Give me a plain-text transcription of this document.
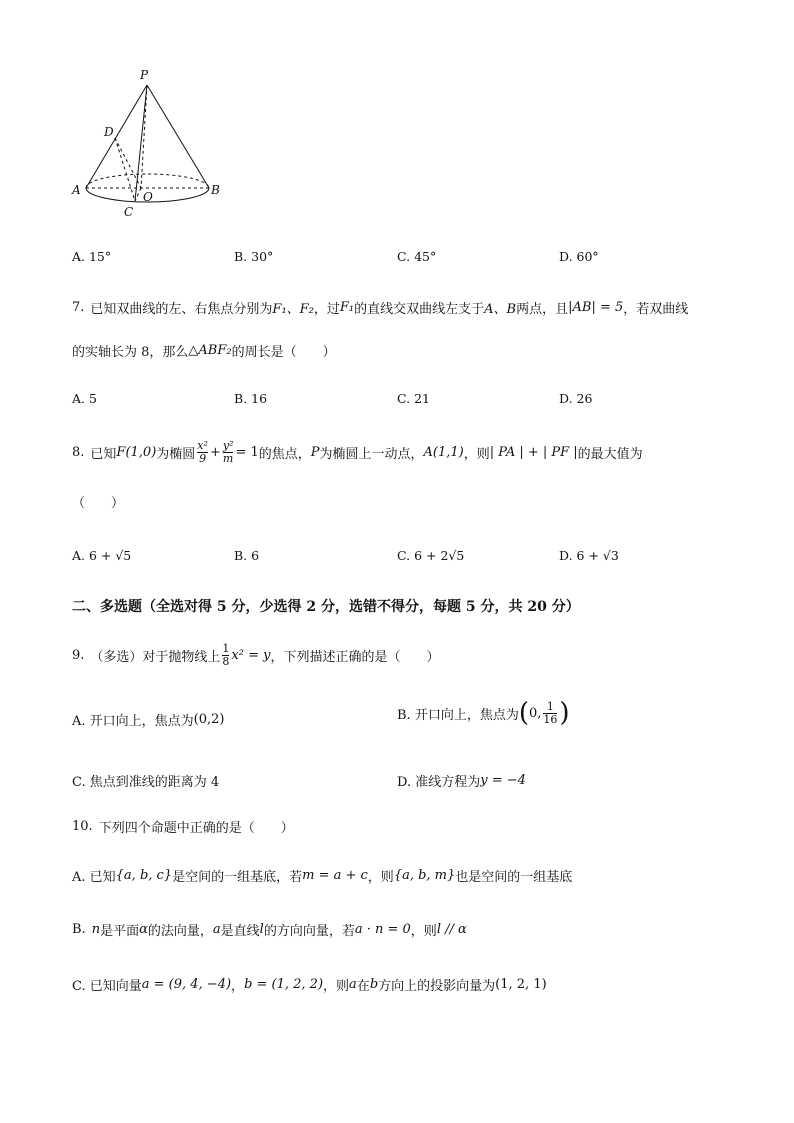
P
D
A	O	B
C
A. 15°	B. 30°	C. 45°	D. 60°
7. 已知双曲线的左、右焦点分别为 F₁、F₂ ，过 F₁ 的直线交双曲线左支于 A、B 两点，且 |AB| = 5 ，若双曲线
的实轴长为 8，那么 △ABF₂ 的周长是（　　）
A. 5	B. 16	C. 21	D. 26
8. 已知 F(1,0) 为椭圆 $\frac{\text{x²}}{9} + \frac{\text{y²}}{m} = 1$ 的焦点， P 为椭圆上一动点， A(1,1) ，则 | PA | + | PF | 的最大值为
（　　）
A. 6 + √5	B. 6	C. 6 + 2√5	D. 6 + √3
二、多选题（全选对得 5 分，少选得 2 分，选错不得分，每题 5 分，共 20 分）
9. （多选）对于抛物线上 $\frac{1}{8} x^2 = y$ ，下列描述正确的是（　　）
A. 开口向上，焦点为 (0,2)	B. 开口向上，焦点为 ( 0, $\frac{1}{16}$ )
C. 焦点到准线的距离为 4	D. 准线方程为 y = −4
10. 下列四个命题中正确的是（　　）
A. 已知 {a, b, c} 是空间的一组基底，若 m = a + c ，则 {a, b, m} 也是空间的一组基底
B. n 是平面 α 的法向量， a 是直线 l 的方向向量，若 a · n = 0 ，则 l // α
C. 已知向量 a = (9, 4, −4) ， b = (1, 2, 2) ，则 a 在 b 方向上的投影向量为 (1, 2, 1)
